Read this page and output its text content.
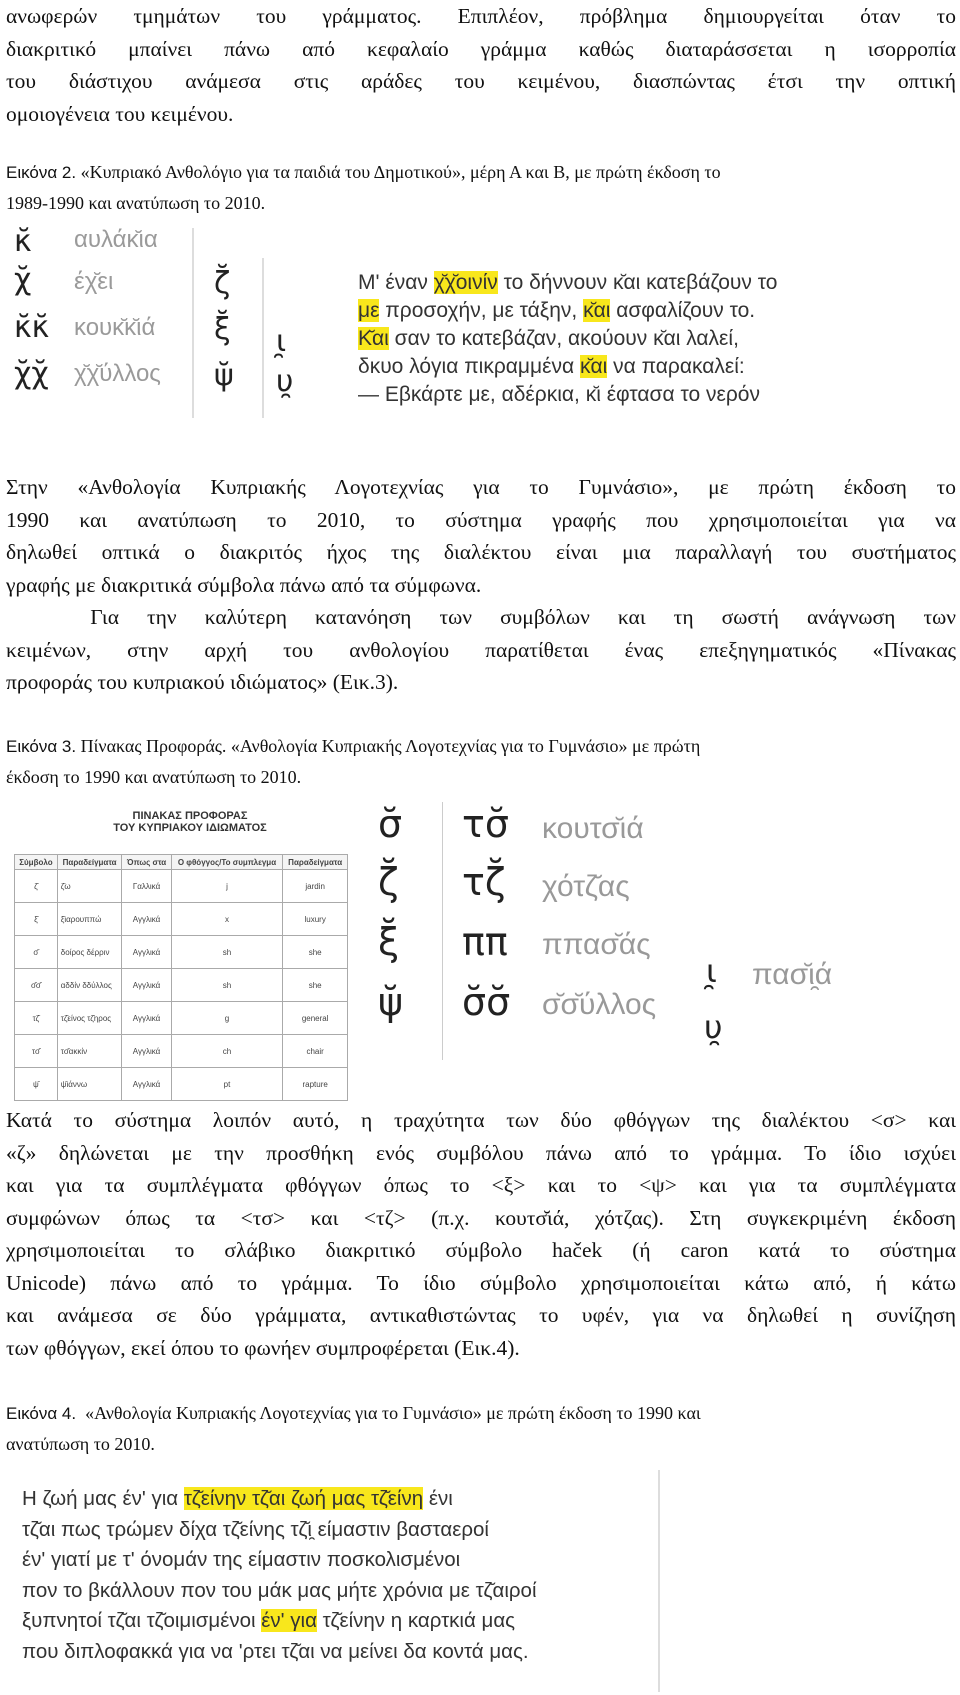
ανωφερών τμημάτων του γράμματος. Επιπλέον, πρόβλημα δημιουργείται όταν το
διακριτικό μπαίνει πάνω από κεφαλαίο γράμμα καθώς διαταράσσεται η ισορροπία
του διάστιχου ανάμεσα στις αράδες του κειμένου, διασπώντας έτσι την οπτική
ομοιογένεια του κειμένου.
Εικόνα 2. «Κυπριακό Ανθολόγιο για τα παιδιά του Δημοτικού», μέρη Α και Β, με πρώτη έκδοση το
1989-1990 και ανατύπωση το 2010.
κ̆
χ̆
κ̆κ̆
χ̆χ̆
αυλάκ̆ια
έχ̆ει
κουκ̆κ̆ιά
χ̆χ̆ύλλος
ζ̆
ξ̆
ψ̆
ι̯
υ̯
Μ' έναν χ̆χ̆οινίν το δήννουν κ̆αι κατεβάζουν το
με προσοχήν, με τάξην, κ̆αι ασφαλίζουν το.
Κ̆αι σαν το κατεβάζαν, ακούουν κ̆αι λαλεί,
δκυο λόγια πικραμμένα κ̆αι να παρακαλεί:
— Εβκάρτε με, αδέρκια, κ̆ι έφτασα το νερόν
Στην «Ανθολογία Κυπριακής Λογοτεχνίας για το Γυμνάσιο», με πρώτη έκδοση το
1990 και ανατύπωση το 2010, το σύστημα γραφής που χρησιμοποιείται για να
δηλωθεί οπτικά ο διακριτός ήχος της διαλέκτου είναι μια παραλλαγή του συστήματος
γραφής με διακριτικά σύμβολα πάνω από τα σύμφωνα.
Για την καλύτερη κατανόηση των συμβόλων και τη σωστή ανάγνωση των
κειμένων, στην αρχή του ανθολογίου παρατίθεται ένας επεξηγηματικός «Πίνακας
προφοράς του κυπριακού ιδιώματος» (Εικ.3).
Εικόνα 3. Πίνακας Προφοράς. «Ανθολογία Κυπριακής Λογοτεχνίας για το Γυμνάσιο» με πρώτη
έκδοση το 1990 και ανατύπωση το 2010.
ΠΙΝΑΚΑΣ ΠΡΟΦΟΡΑΣ
ΤΟΥ ΚΥΠΡΙΑΚΟΥ ΙΔΙΩΜΑΤΟΣ
Σύμβολο	Παραδείγματα	Όπως στα	Ο φθόγγος/Το συμπλεγμα	Παραδείγματα
ζ̆	ζ̆ω	Γαλλικά	j	jardin
ξ̆	ξ̆ιαρουππώ	Αγγλικά	x	luxury
σ̆	δοίρος δέρριν	Αγγλικά	sh	she
σ̆σ̆	αδδίν δδύλλος	Αγγλικά	sh	she
τζ̆	τζ̆είνος τζ̆ηρος	Αγγλικά	g	general
τσ̆	τσ̆ακκίν	Αγγλικά	ch	chair
ψ̆	ψ̆ιάννω	Αγγλικά	pt	rapture
σ̆
ζ̆
ξ̆
ψ̆
τσ̆
τζ̆
ππ
σ̆σ̆
κουτσ̆ιά
χότζ̆ας
ππασ̆άς
σ̆σ̆ύλλος
ι̯
υ̯
πασ̆ι̯ά
Κατά το σύστημα λοιπόν αυτό, η τραχύτητα των δύο φθόγγων της διαλέκτου <σ> και
«ζ» δηλώνεται με την προσθήκη ενός συμβόλου πάνω από το γράμμα. Το ίδιο ισχύει
και για τα συμπλέγματα φθόγγων όπως το <ξ> και το <ψ> και για τα συμπλέγματα
συμφώνων όπως τα <τσ> και <τζ> (π.χ. κουτσ̆ιά, χότζας). Στη συγκεκριμένη έκδοση
χρησιμοποιείται το σλάβικο διακριτικό σύμβολο haček (ή caron κατά το σύστημα
Unicode) πάνω από το γράμμα. Το ίδιο σύμβολο χρησιμοποιείται κάτω από, ή κάτω
και ανάμεσα σε δύο γράμματα, αντικαθιστώντας το υφέν, για να δηλωθεί η συνίζηση
των φθόγγων, εκεί όπου το φωνήεν συμπροφέρεται (Εικ.4).
Εικόνα 4.  «Ανθολογία Κυπριακής Λογοτεχνίας για το Γυμνάσιο» με πρώτη έκδοση το 1990 και
ανατύπωση το 2010.
Η ζωή μας έν' για τζ̆είνην τζ̆αι ζωή μας τζ̆είνη ένι
τζ̆αι πως τρώμεν δίχα τζ̆είνης τζ̆ι̯ είμαστιν βασταεροί
έν' γιατί με τ' όνομάν της είμαστιν ποσκολισμένοι
πον το βκάλλουν πον του μάκ μας μήτε χρόνια με τζ̆αιροί
ξυπνητοί τζ̆αι τζ̆οιμισμένοι έν' για τζ̆είνην η καρτκιά μας
που διπλοφακκά για να 'ρτει τζ̆αι να μείνει δα κοντά μας.
